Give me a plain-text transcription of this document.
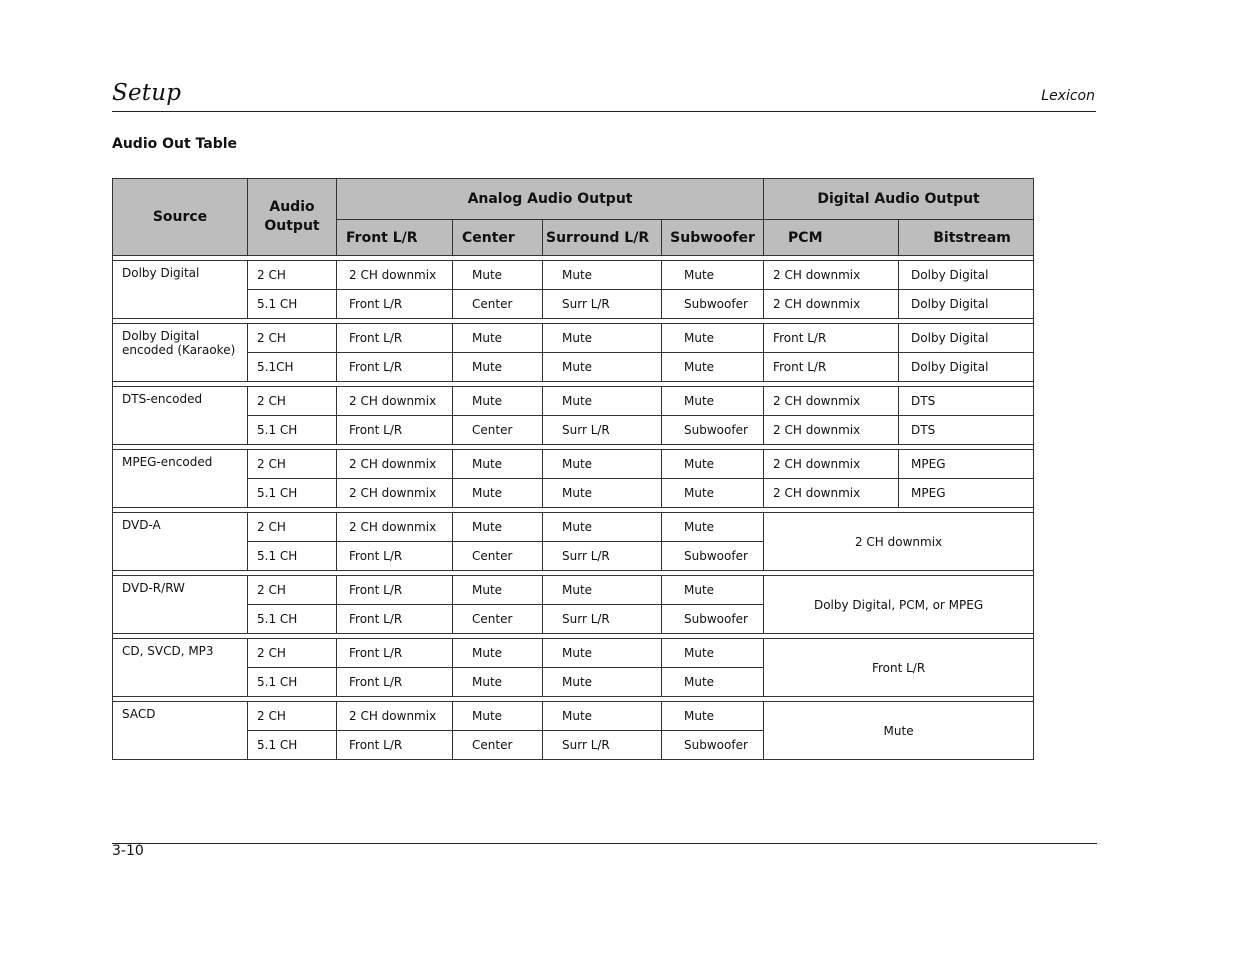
Setup	Lexicon
Audio Out Table
Source	Audio Output	Analog Audio Output				Digital Audio Output	
		Front L/R	Center	Surround L/R	Subwoofer	PCM	Bitstream

Dolby Digital	2 CH	2 CH downmix	Mute	Mute	Mute	2 CH downmix	Dolby Digital
	5.1 CH	Front L/R	Center	Surr L/R	Subwoofer	2 CH downmix	Dolby Digital

Dolby Digital encoded (Karaoke)	2 CH	Front L/R	Mute	Mute	Mute	Front L/R	Dolby Digital
	5.1CH	Front L/R	Mute	Mute	Mute	Front L/R	Dolby Digital

DTS-encoded	2 CH	2 CH downmix	Mute	Mute	Mute	2 CH downmix	DTS
	5.1 CH	Front L/R	Center	Surr L/R	Subwoofer	2 CH downmix	DTS

MPEG-encoded	2 CH	2 CH downmix	Mute	Mute	Mute	2 CH downmix	MPEG
	5.1 CH	2 CH downmix	Mute	Mute	Mute	2 CH downmix	MPEG

DVD-A	2 CH	2 CH downmix	Mute	Mute	Mute	2 CH downmix	
	5.1 CH	Front L/R	Center	Surr L/R	Subwoofer		

DVD-R/RW	2 CH	Front L/R	Mute	Mute	Mute	Dolby Digital, PCM, or MPEG	
	5.1 CH	Front L/R	Center	Surr L/R	Subwoofer		

CD, SVCD, MP3	2 CH	Front L/R	Mute	Mute	Mute	Front L/R	
	5.1 CH	Front L/R	Mute	Mute	Mute		

SACD	2 CH	2 CH downmix	Mute	Mute	Mute	Mute	
	5.1 CH	Front L/R	Center	Surr L/R	Subwoofer		
3-10
